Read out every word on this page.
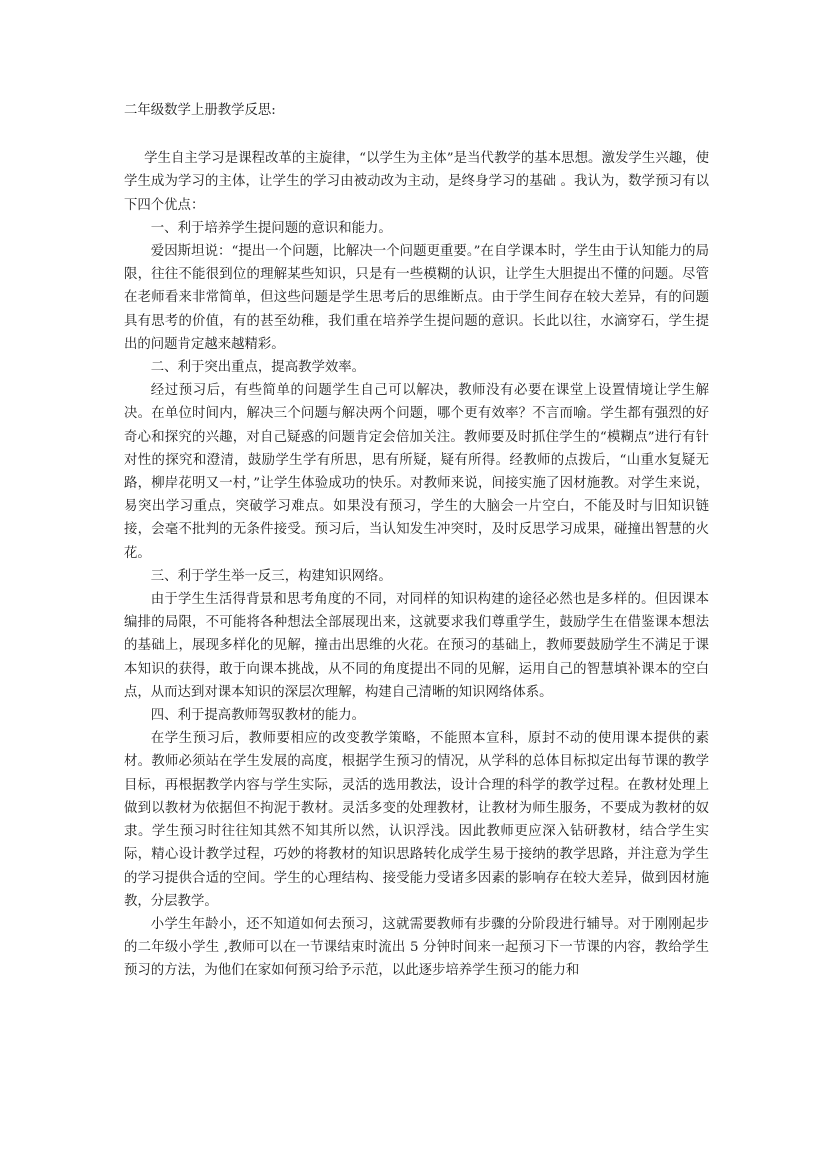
二年级数学上册教学反思:

学生自主学习是课程改革的主旋律，“以学生为主体”是当代教学的基本思想。激发学生兴趣，使学生成为学习的主体，让学生的学习由被动改为主动，是终身学习的基础 。我认为，数学预习有以下四个优点：

一、利于培养学生提问题的意识和能力。

爱因斯坦说：“提出一个问题，比解决一个问题更重要。”在自学课本时，学生由于认知能力的局限，往往不能很到位的理解某些知识，只是有一些模糊的认识，让学生大胆提出不懂的问题。尽管在老师看来非常简单，但这些问题是学生思考后的思维断点。由于学生间存在较大差异，有的问题具有思考的价值，有的甚至幼稚，我们重在培养学生提问题的意识。长此以往，水滴穿石，学生提出的问题肯定越来越精彩。

二、利于突出重点，提高教学效率。

经过预习后，有些简单的问题学生自己可以解决，教师没有必要在课堂上设置情境让学生解决。在单位时间内，解决三个问题与解决两个问题，哪个更有效率？不言而喻。学生都有强烈的好奇心和探究的兴趣，对自己疑惑的问题肯定会倍加关注。教师要及时抓住学生的“模糊点”进行有针对性的探究和澄清，鼓励学生学有所思，思有所疑，疑有所得。经教师的点拨后，“山重水复疑无路，柳岸花明又一村，”让学生体验成功的快乐。对教师来说，间接实施了因材施教。对学生来说，易突出学习重点，突破学习难点。如果没有预习，学生的大脑会一片空白，不能及时与旧知识链接，会毫不批判的无条件接受。预习后，当认知发生冲突时，及时反思学习成果，碰撞出智慧的火花。

三、利于学生举一反三，构建知识网络。

由于学生生活得背景和思考角度的不同，对同样的知识构建的途径必然也是多样的。但因课本编排的局限，不可能将各种想法全部展现出来，这就要求我们尊重学生，鼓励学生在借鉴课本想法的基础上，展现多样化的见解，撞击出思维的火花。在预习的基础上，教师要鼓励学生不满足于课本知识的获得，敢于向课本挑战，从不同的角度提出不同的见解，运用自己的智慧填补课本的空白点，从而达到对课本知识的深层次理解，构建自己清晰的知识网络体系。

四、利于提高教师驾驭教材的能力。

在学生预习后，教师要相应的改变教学策略，不能照本宣科，原封不动的使用课本提供的素材。教师必须站在学生发展的高度，根据学生预习的情况，从学科的总体目标拟定出每节课的教学目标，再根据教学内容与学生实际，灵活的选用教法，设计合理的科学的教学过程。在教材处理上做到以教材为依据但不拘泥于教材。灵活多变的处理教材，让教材为师生服务，不要成为教材的奴隶。学生预习时往往知其然不知其所以然，认识浮浅。因此教师更应深入钻研教材，结合学生实际，精心设计教学过程，巧妙的将教材的知识思路转化成学生易于接纳的教学思路，并注意为学生的学习提供合适的空间。学生的心理结构、接受能力受诸多因素的影响存在较大差异，做到因材施教，分层教学。

小学生年龄小，还不知道如何去预习，这就需要教师有步骤的分阶段进行辅导。对于刚刚起步的二年级小学生 ,教师可以在一节课结束时流出 5 分钟时间来一起预习下一节课的内容，教给学生预习的方法，为他们在家如何预习给予示范，以此逐步培养学生预习的能力和
